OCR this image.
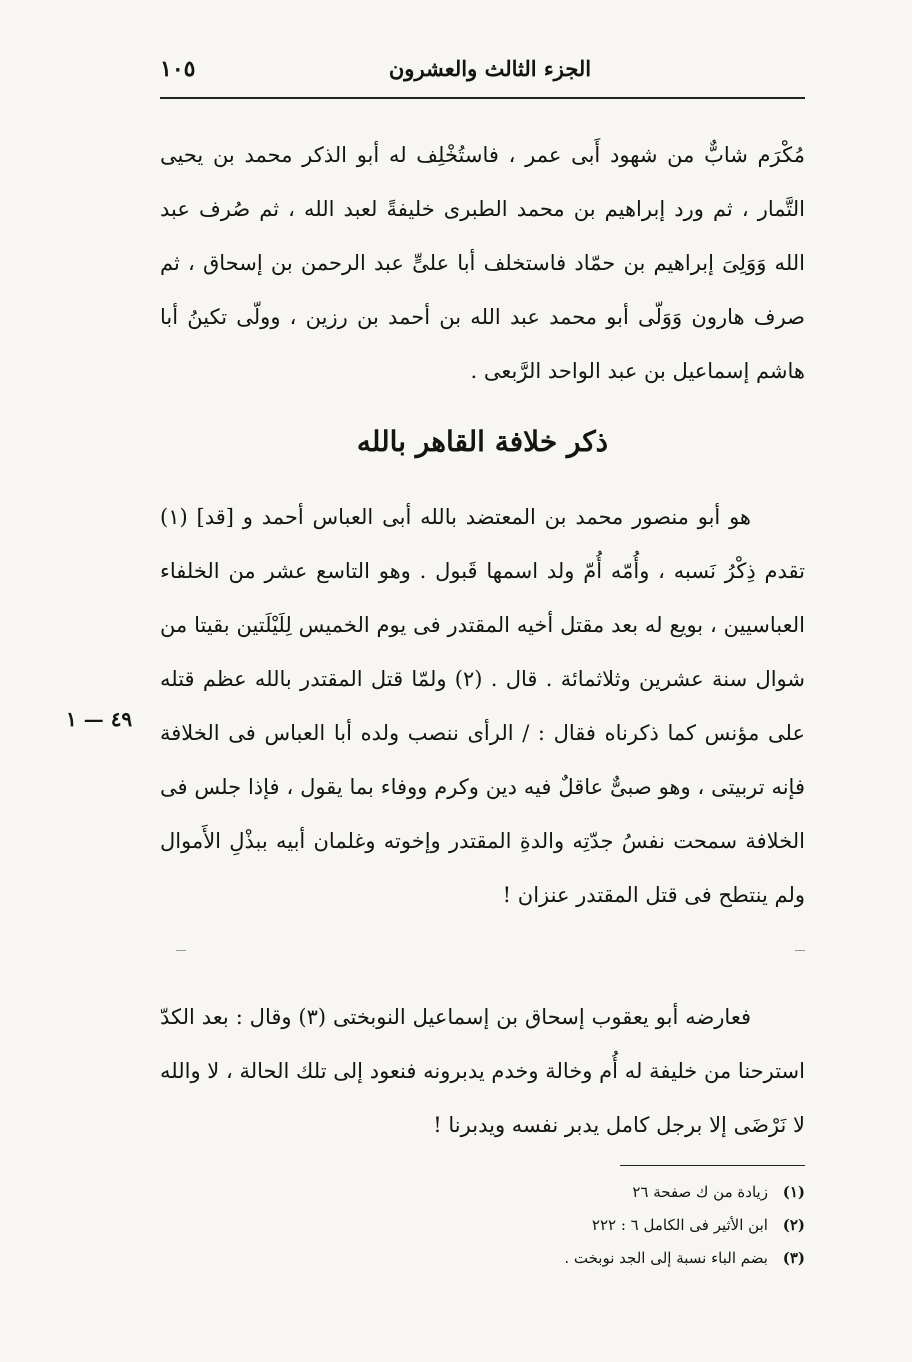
الجزء الثالث والعشرون
١٠٥

مُكْرَم شابٌّ من شهود أَبى عمر ، فاستُخْلِف له أبو الذكر محمد بن يحيى التَّمار ، ثم ورد إبراهيم بن محمد الطبرى خليفةً لعبد الله ، ثم صُرف عبد الله وَوَلِىَ إبراهيم بن حمّاد فاستخلف أبا علىٍّ عبد الرحمن بن إسحاق ، ثم صرف هارون وَوَلّى أبو محمد عبد الله بن أحمد بن رزين ، وولّى تكينُ أبا هاشم إسماعيل بن عبد الواحد الرَّبعى .

ذكر خلافة القاهر بالله

هو أبو منصور محمد بن المعتضد بالله أبى العباس أحمد و [قد] (١) تقدم ذِكْرُ نَسبه ، وأُمّه أُمّ ولد اسمها قَبول . وهو التاسع عشر من الخلفاء العباسيين ، بويع له بعد مقتل أخيه المقتدر فى يوم الخميس لِلَيْلَتين بقيتا من شوال سنة عشرين وثلاثمائة . قال . (٢) ولمّا قتل المقتدر بالله عظم قتله على مؤنس كما ذكرناه فقال : / الرأى ننصب ولده أبا العباس فى الخلافة فإنه تربيتى ، وهو صبىٌّ عاقلٌ فيه دين وكرم ووفاء بما يقول ، فإذا جلس فى الخلافة سمحت نفسُ جدّتِه والدةِ المقتدر وإخوته وغلمان أبيه ببذْلِ الأَموال ولم ينتطح فى قتل المقتدر عنزان !

٤٩ — ١

فعارضه أبو يعقوب إسحاق بن إسماعيل النوبختى (٣) وقال : بعد الكدّ استرحنا من خليفة له أُم وخالة وخدم يدبرونه فنعود إلى تلك الحالة ، لا والله لا نَرْضَى إلا برجل كامل يدبر نفسه ويدبرنا !

(١) زيادة من ك صفحة ٢٦
(٢) ابن الأثير فى الكامل ٦ : ٢٢٢
(٣) بضم الباء نسبة إلى الجد نوبخت .
